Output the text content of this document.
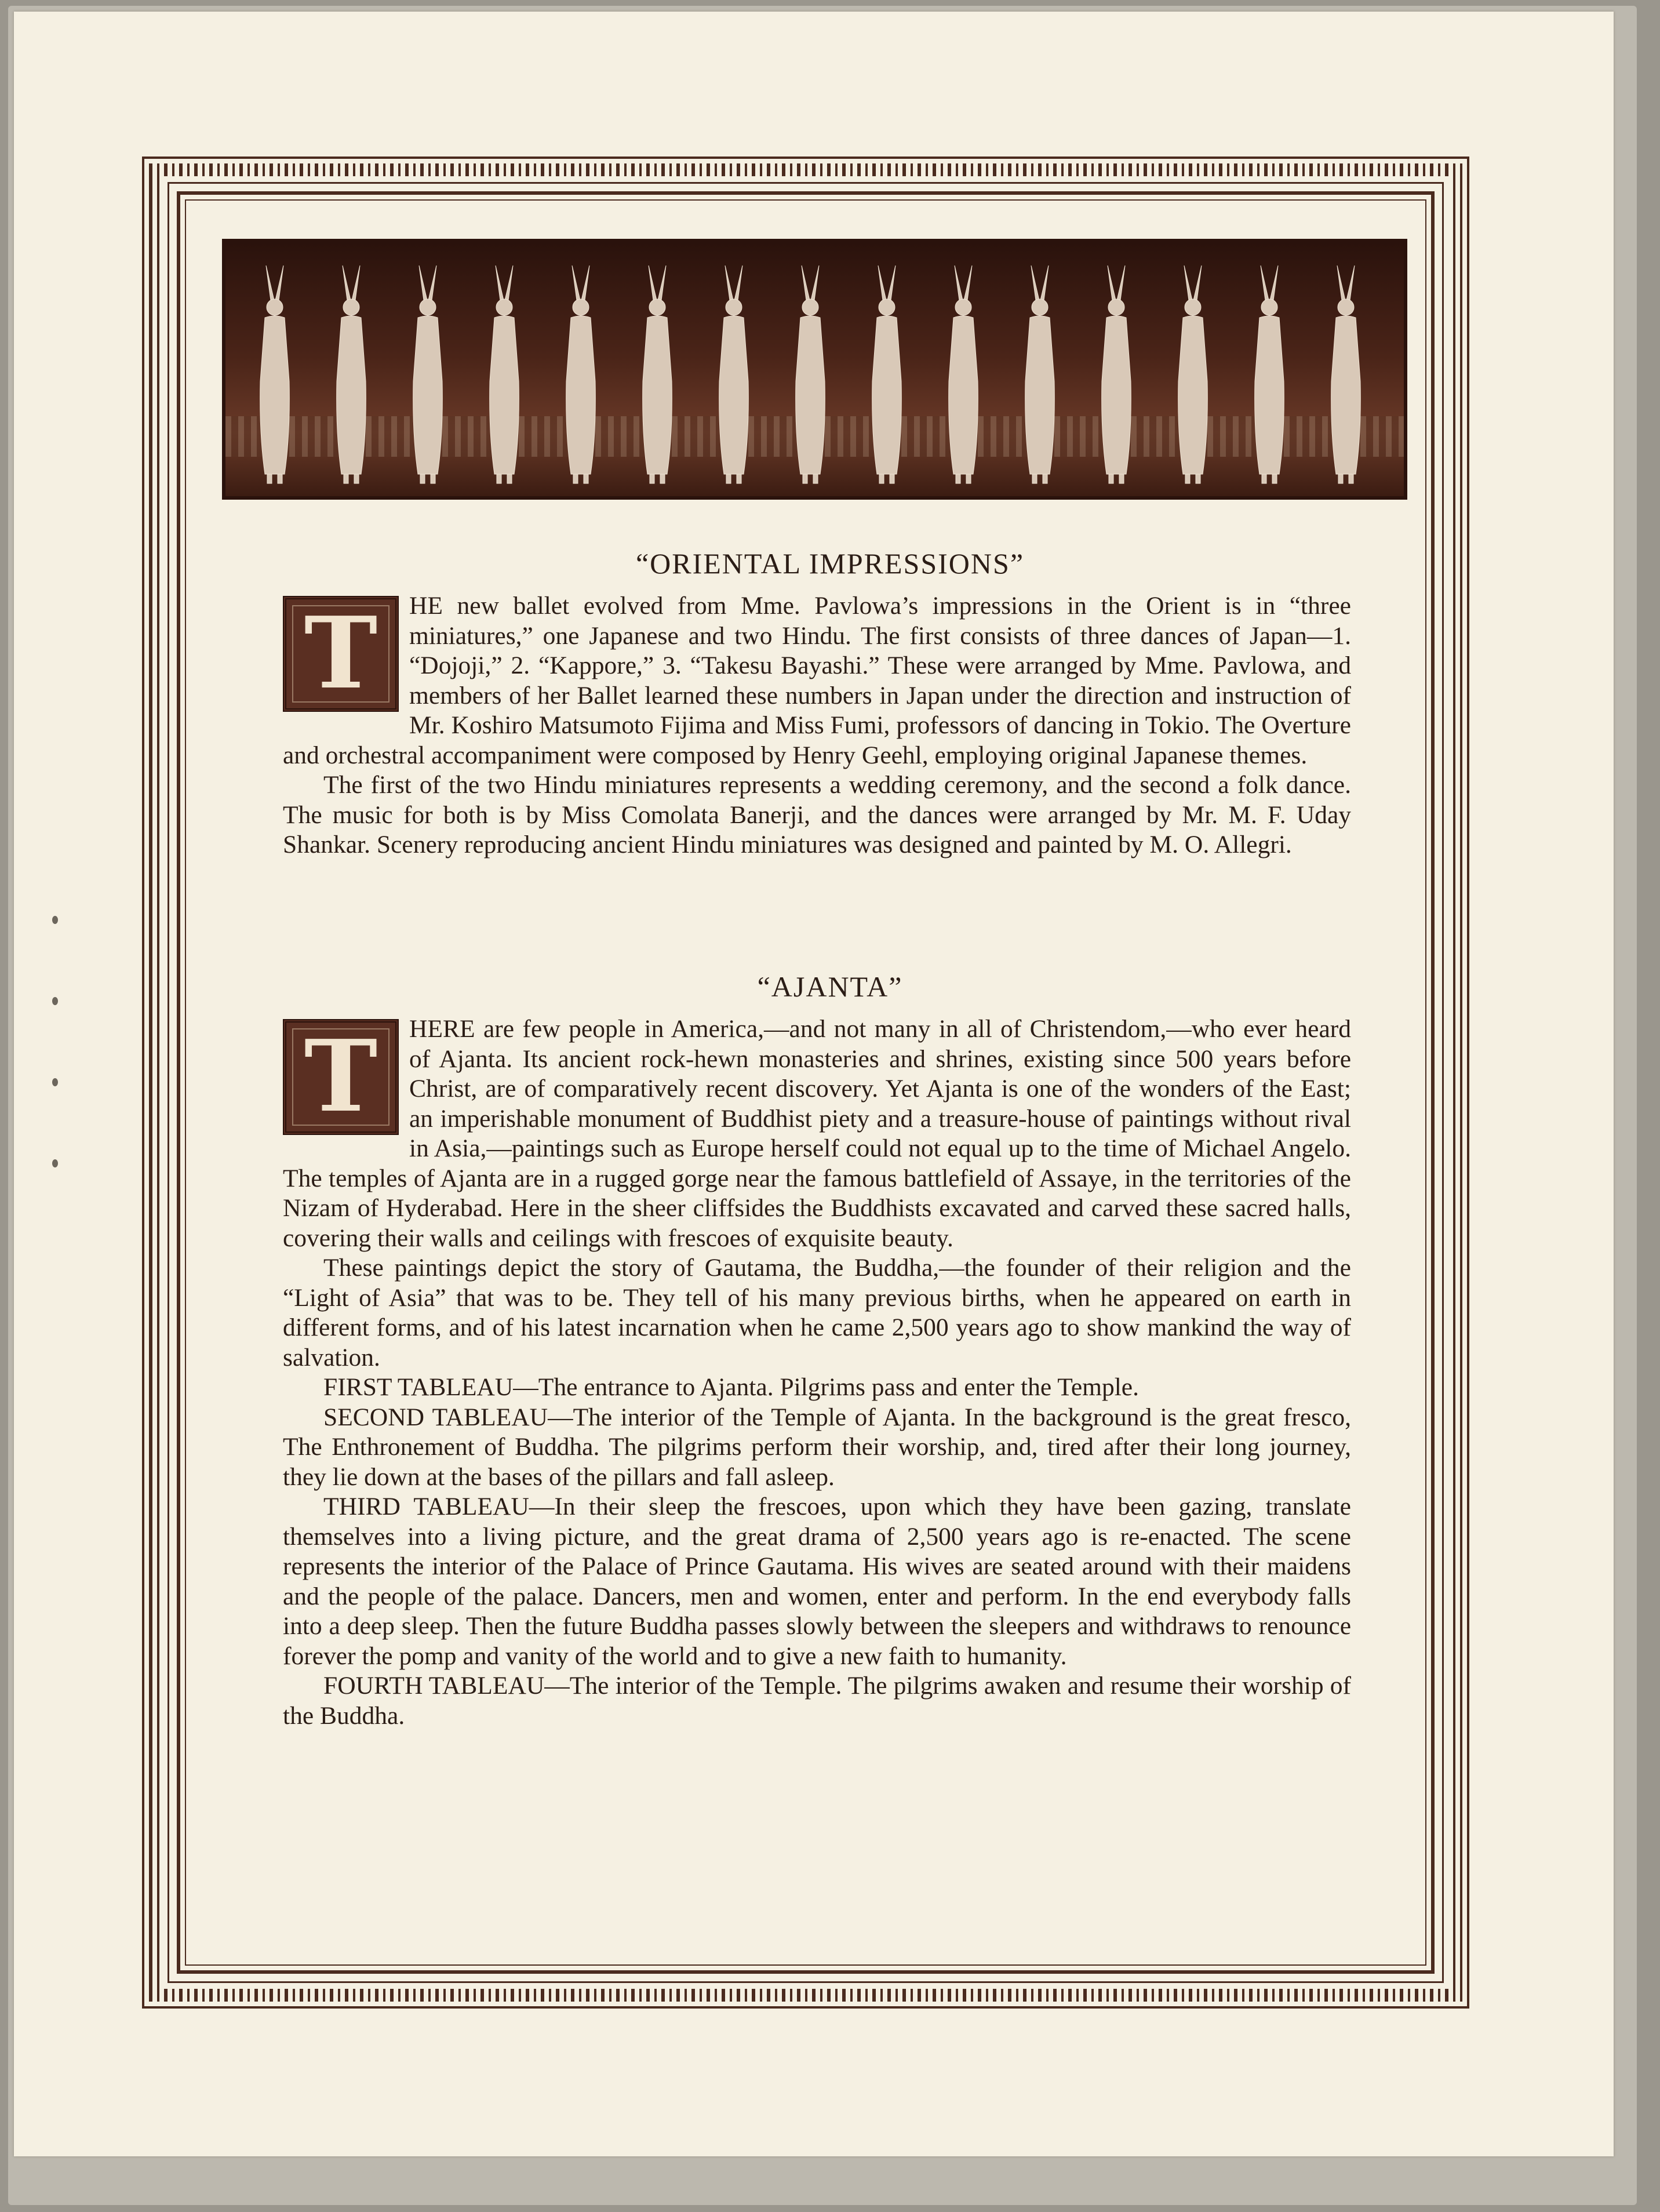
“ORIENTAL IMPRESSIONS”

T	HE new ballet evolved from Mme. Pavlowa’s impressions in the Orient is in “three miniatures,” one Japanese and two Hindu. The first consists of three dances of Japan—1. “Dojoji,” 2. “Kappore,” 3. “Takesu Bayashi.” These were arranged by Mme. Pavlowa, and members of her Ballet learned these numbers in Japan under the direction and instruction of Mr. Koshiro Matsumoto Fijima and Miss Fumi, professors of dancing in Tokio. The Overture and orchestral accompaniment were composed by Henry Geehl, employing original Japanese themes.

The first of the two Hindu miniatures represents a wedding ceremony, and the second a folk dance. The music for both is by Miss Comolata Banerji, and the dances were arranged by Mr. M. F. Uday Shankar. Scenery reproducing ancient Hindu miniatures was designed and painted by M. O. Allegri.

“AJANTA”

T	HERE are few people in America,—and not many in all of Christendom,—who ever heard of Ajanta. Its ancient rock-hewn monasteries and shrines, existing since 500 years before Christ, are of comparatively recent discovery. Yet Ajanta is one of the wonders of the East; an imperishable monument of Buddhist piety and a treasure-house of paintings without rival in Asia,—paintings such as Europe herself could not equal up to the time of Michael Angelo. The temples of Ajanta are in a rugged gorge near the famous battlefield of Assaye, in the territories of the Nizam of Hyderabad. Here in the sheer cliffsides the Buddhists excavated and carved these sacred halls, covering their walls and ceilings with frescoes of exquisite beauty.

These paintings depict the story of Gautama, the Buddha,—the founder of their religion and the “Light of Asia” that was to be. They tell of his many previous births, when he appeared on earth in different forms, and of his latest incarnation when he came 2,500 years ago to show mankind the way of salvation.

FIRST TABLEAU—The entrance to Ajanta. Pilgrims pass and enter the Temple.

SECOND TABLEAU—The interior of the Temple of Ajanta. In the background is the great fresco, The Enthronement of Buddha. The pilgrims perform their worship, and, tired after their long journey, they lie down at the bases of the pillars and fall asleep.

THIRD TABLEAU—In their sleep the frescoes, upon which they have been gazing, translate themselves into a living picture, and the great drama of 2,500 years ago is re-enacted. The scene represents the interior of the Palace of Prince Gautama. His wives are seated around with their maidens and the people of the palace. Dancers, men and women, enter and perform. In the end everybody falls into a deep sleep. Then the future Buddha passes slowly between the sleepers and withdraws to renounce forever the pomp and vanity of the world and to give a new faith to humanity.

FOURTH TABLEAU—The interior of the Temple. The pilgrims awaken and resume their worship of the Buddha.
